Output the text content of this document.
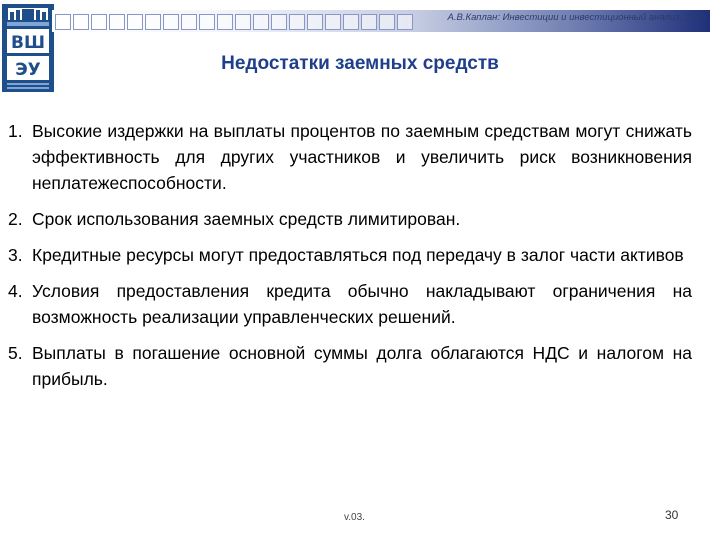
ВШ
ЭУ
А.В.Каплан: Инвестиции и инвестиционный анализ. 2016
Недостатки заемных средств
1. Высокие издержки на выплаты процентов по заемным средствам могут снижать эффективность для других участников и увеличить риск возникновения неплатежеспособности.
2. Срок использования заемных средств лимитирован.
3. Кредитные ресурсы могут предоставляться под передачу в залог части активов
4. Условия предоставления кредита обычно накладывают ограничения на возможность реализации управленческих решений.
5. Выплаты в погашение основной суммы долга облагаются НДС и налогом на прибыль.
v.03.	30
